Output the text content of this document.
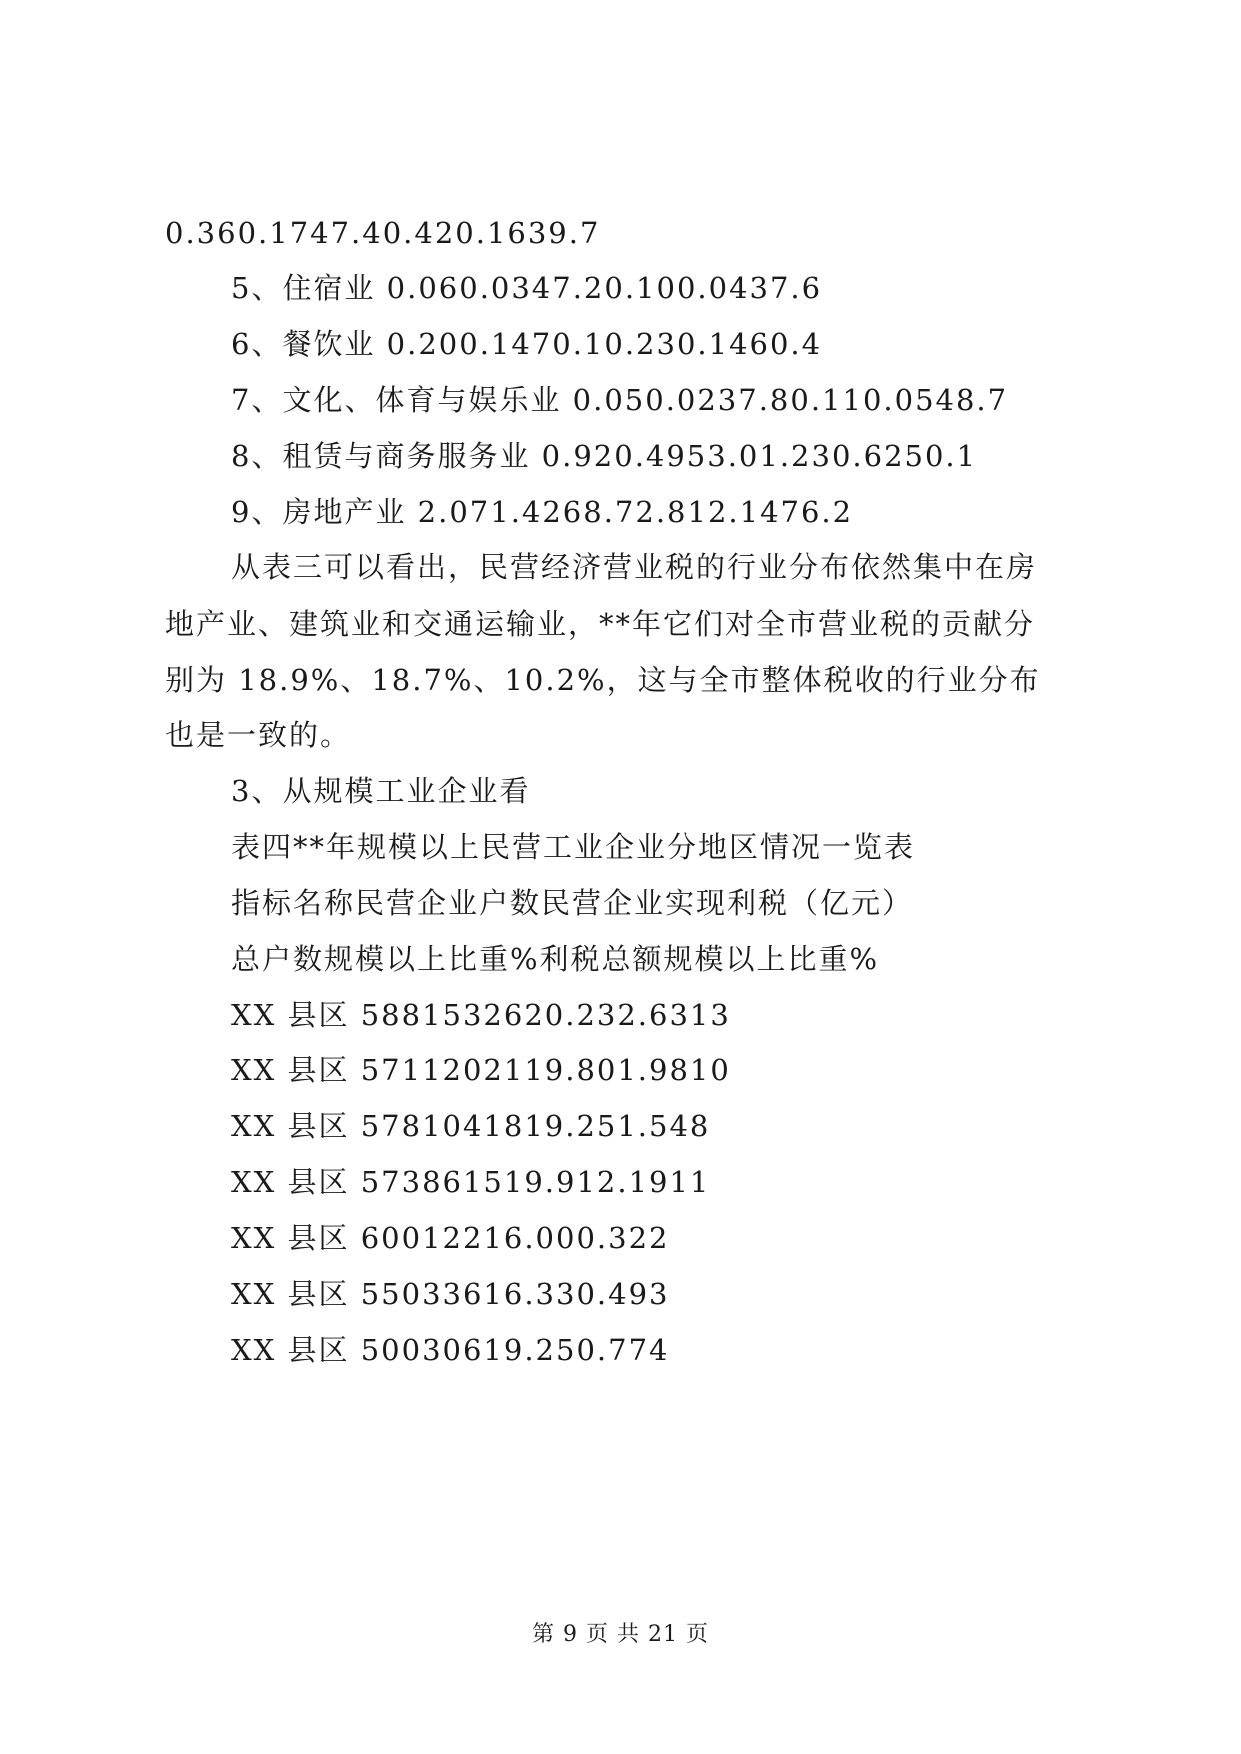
0.360.1747.40.420.1639.7
5、住宿业 0.060.0347.20.100.0437.6
6、餐饮业 0.200.1470.10.230.1460.4
7、文化、体育与娱乐业 0.050.0237.80.110.0548.7
8、租赁与商务服务业 0.920.4953.01.230.6250.1
9、房地产业 2.071.4268.72.812.1476.2
从表三可以看出，民营经济营业税的行业分布依然集中在房
地产业、建筑业和交通运输业，**年它们对全市营业税的贡献分
别为 18.9%、18.7%、10.2%，这与全市整体税收的行业分布
也是一致的。
3、从规模工业企业看
表四**年规模以上民营工业企业分地区情况一览表
指标名称民营企业户数民营企业实现利税（亿元）
总户数规模以上比重%利税总额规模以上比重%
XX 县区 5881532620.232.6313
XX 县区 5711202119.801.9810
XX 县区 5781041819.251.548
XX 县区 573861519.912.1911
XX 县区 60012216.000.322
XX 县区 55033616.330.493
XX 县区 50030619.250.774
第 9 页 共 21 页
